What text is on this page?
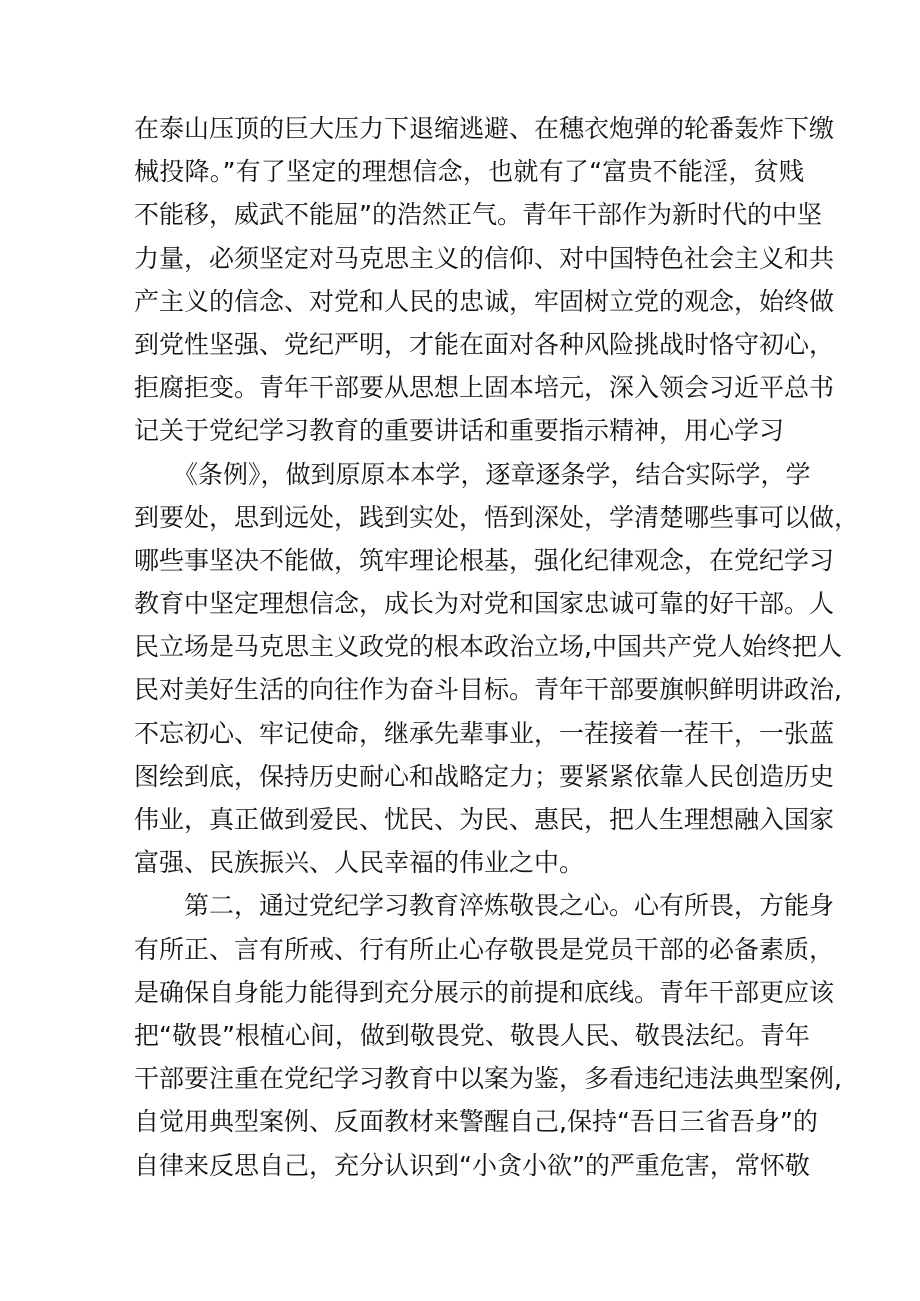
在泰山压顶的巨大压力下退缩逃避、在穗衣炮弹的轮番轰炸下缴
械投降。”有了坚定的理想信念，也就有了“富贵不能淫，贫贱
不能移，威武不能屈”的浩然正气。青年干部作为新时代的中坚
力量，必须坚定对马克思主义的信仰、对中国特色社会主义和共
产主义的信念、对党和人民的忠诚，牢固树立党的观念，始终做
到党性坚强、党纪严明，才能在面对各种风险挑战时恪守初心，
拒腐拒变。青年干部要从思想上固本培元，深入领会习近平总书
记关于党纪学习教育的重要讲话和重要指示精神，用心学习
《条例》，做到原原本本学，逐章逐条学，结合实际学，学
到要处，思到远处，践到实处，悟到深处，学清楚哪些事可以做，
哪些事坚决不能做，筑牢理论根基，强化纪律观念，在党纪学习
教育中坚定理想信念，成长为对党和国家忠诚可靠的好干部。人
民立场是马克思主义政党的根本政治立场,中国共产党人始终把人
民对美好生活的向往作为奋斗目标。青年干部要旗帜鲜明讲政治,
不忘初心、牢记使命，继承先辈事业，一茬接着一茬干，一张蓝
图绘到底，保持历史耐心和战略定力；要紧紧依靠人民创造历史
伟业，真正做到爱民、忧民、为民、惠民，把人生理想融入国家
富强、民族振兴、人民幸福的伟业之中。
第二，通过党纪学习教育淬炼敬畏之心。心有所畏，方能身
有所正、言有所戒、行有所止心存敬畏是党员干部的必备素质，
是确保自身能力能得到充分展示的前提和底线。青年干部更应该
把“敬畏”根植心间，做到敬畏党、敬畏人民、敬畏法纪。青年
干部要注重在党纪学习教育中以案为鉴，多看违纪违法典型案例,
自觉用典型案例、反面教材来警醒自己,保持“吾日三省吾身”的
自律来反思自己，充分认识到“小贪小欲”的严重危害，常怀敬
